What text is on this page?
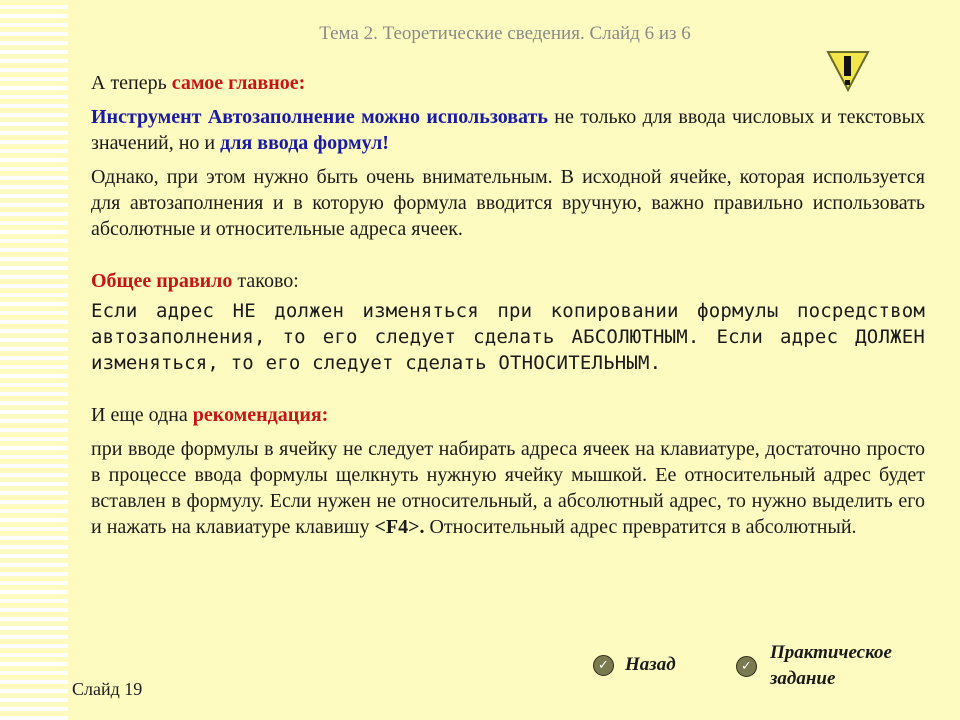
Тема 2. Теоретические сведения. Слайд 6 из 6

А теперь самое главное:

Инструмент Автозаполнение можно использовать не только для ввода числовых и текстовых значений, но и для ввода формул!

Однако, при этом нужно быть очень внимательным. В исходной ячейке, которая используется для автозаполнения и в которую формула вводится вручную, важно правильно использовать абсолютные и относительные адреса ячеек.

Общее правило таково:

Если адрес НЕ должен изменяться при копировании формулы посредством автозаполнения, то его следует сделать АБСОЛЮТНЫМ. Если адрес ДОЛЖЕН изменяться, то его следует сделать ОТНОСИТЕЛЬНЫМ.

И еще одна рекомендация:

при вводе формулы в ячейку не следует набирать адреса ячеек на клавиатуре, достаточно просто в процессе ввода формулы щелкнуть нужную ячейку мышкой. Ее относительный адрес будет вставлен в формулу. Если нужен не относительный, а абсолютный адрес, то нужно выделить его и нажать на клавиатуре клавишу <F4>. Относительный адрес превратится в абсолютный.

✓ Назад	✓
Практическое
задание
Слайд 19
